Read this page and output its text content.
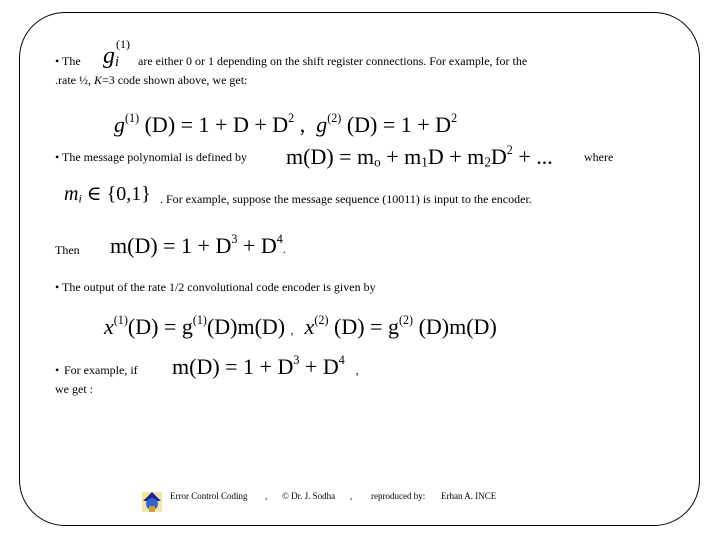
• The gi
(1)
are either 0 or 1 depending on the shift register connections. For example, for the
.rate ½, K=3 code shown above, we get:
$g^{(1)}$ $(D) = 1 + D + D^2$ , $g^{(2)}$ $(D) = 1 + D^2$
• The message polynomial is defined by $m(D) = m_o + m_1D + m_2D^2$ + ...	where
mi ∈ {0,1} . For example, suppose the message sequence (10011) is input to the encoder.
Then $m(D) = 1 + D^3 + D^4$.
• The output of the rate 1/2 convolutional code encoder is given by
$x^{(1)}(D) = g^{(1)}(D)m(D)$ , $x^{(2)}$ $(D) = g^{(2)}$ (D)m(D)
• For example, if $m(D) = 1 + D^3 + D^4$  ,
we get :
Error Control Coding , © Dr. J. Sodha , reproduced by: Erhan A. INCE
